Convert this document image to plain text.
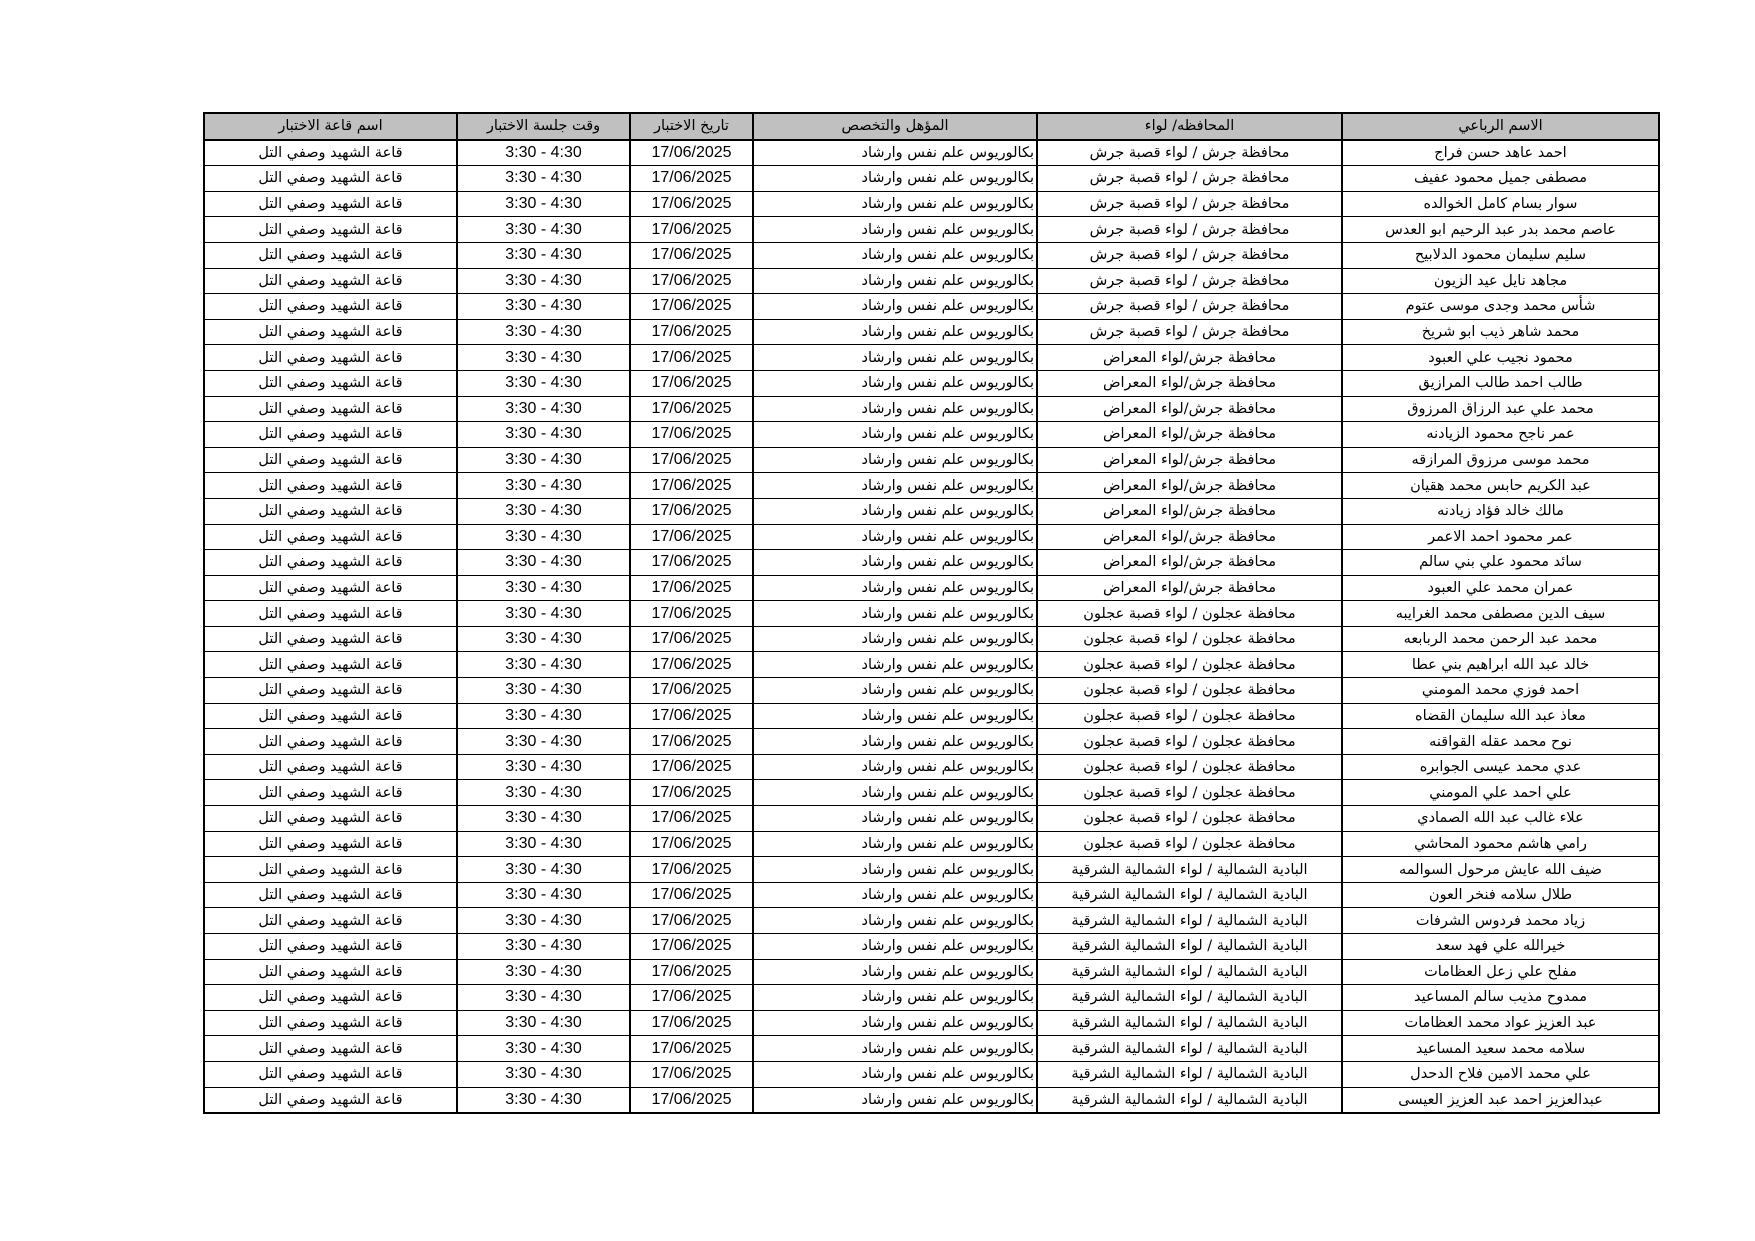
الاسم الرباعي	المحافظه/ لواء	المؤهل والتخصص	تاريخ الاختبار	وقت جلسة الاختبار	اسم قاعة الاختبار
احمد عاهد حسن فراج	محافظة جرش / لواء قصبة جرش	بكالوريوس علم نفس وارشاد	17/06/2025	3:30 - 4:30	قاعة الشهيد وصفي التل
مصطفى جميل محمود عفيف	محافظة جرش / لواء قصبة جرش	بكالوريوس علم نفس وارشاد	17/06/2025	3:30 - 4:30	قاعة الشهيد وصفي التل
سوار بسام كامل الخوالده	محافظة جرش / لواء قصبة جرش	بكالوريوس علم نفس وارشاد	17/06/2025	3:30 - 4:30	قاعة الشهيد وصفي التل
عاصم محمد بدر عبد الرحيم ابو العدس	محافظة جرش / لواء قصبة جرش	بكالوريوس علم نفس وارشاد	17/06/2025	3:30 - 4:30	قاعة الشهيد وصفي التل
سليم سليمان محمود الدلابيح	محافظة جرش / لواء قصبة جرش	بكالوريوس علم نفس وارشاد	17/06/2025	3:30 - 4:30	قاعة الشهيد وصفي التل
مجاهد نايل عيد الزيون	محافظة جرش / لواء قصبة جرش	بكالوريوس علم نفس وارشاد	17/06/2025	3:30 - 4:30	قاعة الشهيد وصفي التل
شأس محمد وجدى موسى عتوم	محافظة جرش / لواء قصبة جرش	بكالوريوس علم نفس وارشاد	17/06/2025	3:30 - 4:30	قاعة الشهيد وصفي التل
محمد شاهر ذيب ابو شريخ	محافظة جرش / لواء قصبة جرش	بكالوريوس علم نفس وارشاد	17/06/2025	3:30 - 4:30	قاعة الشهيد وصفي التل
محمود نجيب علي العبود	محافظة جرش/لواء المعراض	بكالوريوس علم نفس وارشاد	17/06/2025	3:30 - 4:30	قاعة الشهيد وصفي التل
طالب احمد طالب المرازيق	محافظة جرش/لواء المعراض	بكالوريوس علم نفس وارشاد	17/06/2025	3:30 - 4:30	قاعة الشهيد وصفي التل
محمد علي عبد الرزاق المرزوق	محافظة جرش/لواء المعراض	بكالوريوس علم نفس وارشاد	17/06/2025	3:30 - 4:30	قاعة الشهيد وصفي التل
عمر ناجح محمود الزيادنه	محافظة جرش/لواء المعراض	بكالوريوس علم نفس وارشاد	17/06/2025	3:30 - 4:30	قاعة الشهيد وصفي التل
محمد موسى مرزوق المرازقه	محافظة جرش/لواء المعراض	بكالوريوس علم نفس وارشاد	17/06/2025	3:30 - 4:30	قاعة الشهيد وصفي التل
عبد الكريم حابس محمد هقيان	محافظة جرش/لواء المعراض	بكالوريوس علم نفس وارشاد	17/06/2025	3:30 - 4:30	قاعة الشهيد وصفي التل
مالك خالد فؤاد زيادنه	محافظة جرش/لواء المعراض	بكالوريوس علم نفس وارشاد	17/06/2025	3:30 - 4:30	قاعة الشهيد وصفي التل
عمر محمود احمد الاعمر	محافظة جرش/لواء المعراض	بكالوريوس علم نفس وارشاد	17/06/2025	3:30 - 4:30	قاعة الشهيد وصفي التل
سائد محمود علي بني سالم	محافظة جرش/لواء المعراض	بكالوريوس علم نفس وارشاد	17/06/2025	3:30 - 4:30	قاعة الشهيد وصفي التل
عمران محمد علي العبود	محافظة جرش/لواء المعراض	بكالوريوس علم نفس وارشاد	17/06/2025	3:30 - 4:30	قاعة الشهيد وصفي التل
سيف الدين مصطفى محمد الغرايبه	محافظة عجلون / لواء قصبة عجلون	بكالوريوس علم نفس وارشاد	17/06/2025	3:30 - 4:30	قاعة الشهيد وصفي التل
محمد عبد الرحمن محمد الربابعه	محافظة عجلون / لواء قصبة عجلون	بكالوريوس علم نفس وارشاد	17/06/2025	3:30 - 4:30	قاعة الشهيد وصفي التل
خالد عبد الله ابراهيم بني عطا	محافظة عجلون / لواء قصبة عجلون	بكالوريوس علم نفس وارشاد	17/06/2025	3:30 - 4:30	قاعة الشهيد وصفي التل
احمد فوزي محمد المومني	محافظة عجلون / لواء قصبة عجلون	بكالوريوس علم نفس وارشاد	17/06/2025	3:30 - 4:30	قاعة الشهيد وصفي التل
معاذ عبد الله سليمان القضاه	محافظة عجلون / لواء قصبة عجلون	بكالوريوس علم نفس وارشاد	17/06/2025	3:30 - 4:30	قاعة الشهيد وصفي التل
نوح محمد عقله القواقنه	محافظة عجلون / لواء قصبة عجلون	بكالوريوس علم نفس وارشاد	17/06/2025	3:30 - 4:30	قاعة الشهيد وصفي التل
عدي محمد عيسى الجوابره	محافظة عجلون / لواء قصبة عجلون	بكالوريوس علم نفس وارشاد	17/06/2025	3:30 - 4:30	قاعة الشهيد وصفي التل
علي احمد علي المومني	محافظة عجلون / لواء قصبة عجلون	بكالوريوس علم نفس وارشاد	17/06/2025	3:30 - 4:30	قاعة الشهيد وصفي التل
علاء غالب عبد الله الصمادي	محافظة عجلون / لواء قصبة عجلون	بكالوريوس علم نفس وارشاد	17/06/2025	3:30 - 4:30	قاعة الشهيد وصفي التل
رامي هاشم محمود المحاشي	محافظة عجلون / لواء قصبة عجلون	بكالوريوس علم نفس وارشاد	17/06/2025	3:30 - 4:30	قاعة الشهيد وصفي التل
ضيف الله عايش مرحول السوالمه	البادية الشمالية / لواء الشمالية الشرقية	بكالوريوس علم نفس وارشاد	17/06/2025	3:30 - 4:30	قاعة الشهيد وصفي التل
طلال سلامه فنخر العون	البادية الشمالية / لواء الشمالية الشرقية	بكالوريوس علم نفس وارشاد	17/06/2025	3:30 - 4:30	قاعة الشهيد وصفي التل
زياد محمد فردوس الشرفات	البادية الشمالية / لواء الشمالية الشرقية	بكالوريوس علم نفس وارشاد	17/06/2025	3:30 - 4:30	قاعة الشهيد وصفي التل
خيرالله علي فهد سعد	البادية الشمالية / لواء الشمالية الشرقية	بكالوريوس علم نفس وارشاد	17/06/2025	3:30 - 4:30	قاعة الشهيد وصفي التل
مفلح علي زعل العظامات	البادية الشمالية / لواء الشمالية الشرقية	بكالوريوس علم نفس وارشاد	17/06/2025	3:30 - 4:30	قاعة الشهيد وصفي التل
ممدوح مذيب سالم المساعيد	البادية الشمالية / لواء الشمالية الشرقية	بكالوريوس علم نفس وارشاد	17/06/2025	3:30 - 4:30	قاعة الشهيد وصفي التل
عبد العزيز عواد محمد العظامات	البادية الشمالية / لواء الشمالية الشرقية	بكالوريوس علم نفس وارشاد	17/06/2025	3:30 - 4:30	قاعة الشهيد وصفي التل
سلامه محمد سعيد المساعيد	البادية الشمالية / لواء الشمالية الشرقية	بكالوريوس علم نفس وارشاد	17/06/2025	3:30 - 4:30	قاعة الشهيد وصفي التل
علي محمد الامين فلاح الدحدل	البادية الشمالية / لواء الشمالية الشرقية	بكالوريوس علم نفس وارشاد	17/06/2025	3:30 - 4:30	قاعة الشهيد وصفي التل
عبدالعزيز احمد عبد العزيز العيسى	البادية الشمالية / لواء الشمالية الشرقية	بكالوريوس علم نفس وارشاد	17/06/2025	3:30 - 4:30	قاعة الشهيد وصفي التل
